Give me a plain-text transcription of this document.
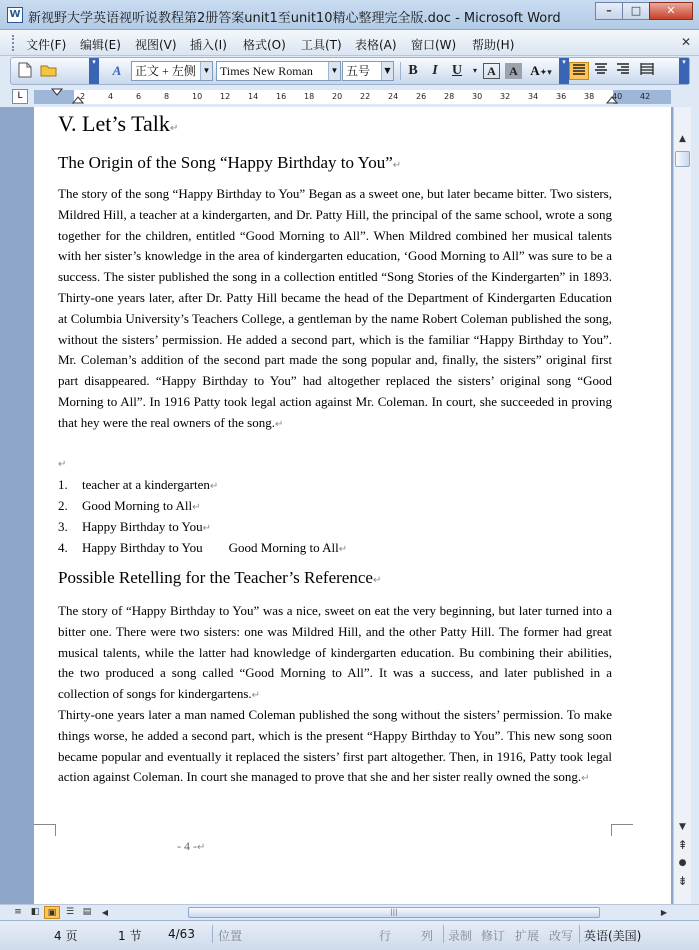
W 新视野大学英语视听说教程第2册答案unit1至unit10精心整理完全版.doc - Microsoft Word
–	□	✕
文件(F) 编辑(E) 视图(V) 插入(I) 格式(O) 工具(T) 表格(A) 窗口(W) 帮助(H)	✕
▾
A	正文 + 左侧 ▼ Times New Roman	▼ 五号	▼	B	I	U	▾ A	A A✦▾
▾	▾
L	2	4	6	8	10 12 14 16 18 20 22 24 26 28 30 32 34 36 38 40 42
V. Let’s Talk↵
The Origin of the Song “Happy Birthday to You”↵
The story of the song “Happy Birthday to You” Began as a sweet one, but later became bitter. Two sisters, Mildred Hill, a teacher at a kindergarten, and Dr. Patty Hill, the principal of the same school, wrote a song together for the children, entitled “Good Morning to All”. When Mildred combined her musical talents with her sister’s knowledge in the area of kindergarten education, ‘Good Morning to All” was sure to be a success. The sister published the song in a collection entitled “Song Stories of the Kindergarten” in 1893. Thirty-one years later, after Dr. Patty Hill became the head of the Department of Kindergarten Education at Columbia University’s Teachers College, a gentleman by the name Robert Coleman published the song, without the sisters’ permission. He added a second part, which is the familiar “Happy Birthday to You”. Mr. Coleman’s addition of the second part made the song popular and, finally, the sisters” original first part disappeared. “Happy Birthday to You” had altogether replaced the sisters’ original song “Good Morning to All”. In 1916 Patty took legal action against Mr. Coleman. In court, she succeeded in proving that hey were the real owners of the song.↵
↵
1. teacher at a kindergarten↵
2. Good Morning to All↵
3. Happy Birthday to You↵
4. Happy Birthday to You        Good Morning to All↵
Possible Retelling for the Teacher’s Reference↵
The story of “Happy Birthday to You” was a nice, sweet on eat the very beginning, but later turned into a bitter one. There were two sisters: one was Mildred Hill, and the other Patty Hill. The former had great musical talents, while the latter had knowledge of kindergarten education. Bu combining their abilities, the two produced a song called “Good Morning to All”. It was a success, and later published in a collection of songs for kindergartens.↵
Thirty-one years later a man named Coleman published the song without the sisters’ permission. To make things worse, he added a second part, which is the present “Happy Birthday to You”. This new song soon became popular and eventually it replaced the sisters’ first part altogether. Then, in 1916, Patty took legal action against Coleman. In court she managed to prove that she and her sister really owned the song.↵
- 4 -↵
▲
▼
⇞
●
⇟
≡ ◧ ▣	☰ ▤	◀	|||	▶
4 页	1 节 4/63 位置	行 列 录制 修订 扩展 改写 英语(美国)
